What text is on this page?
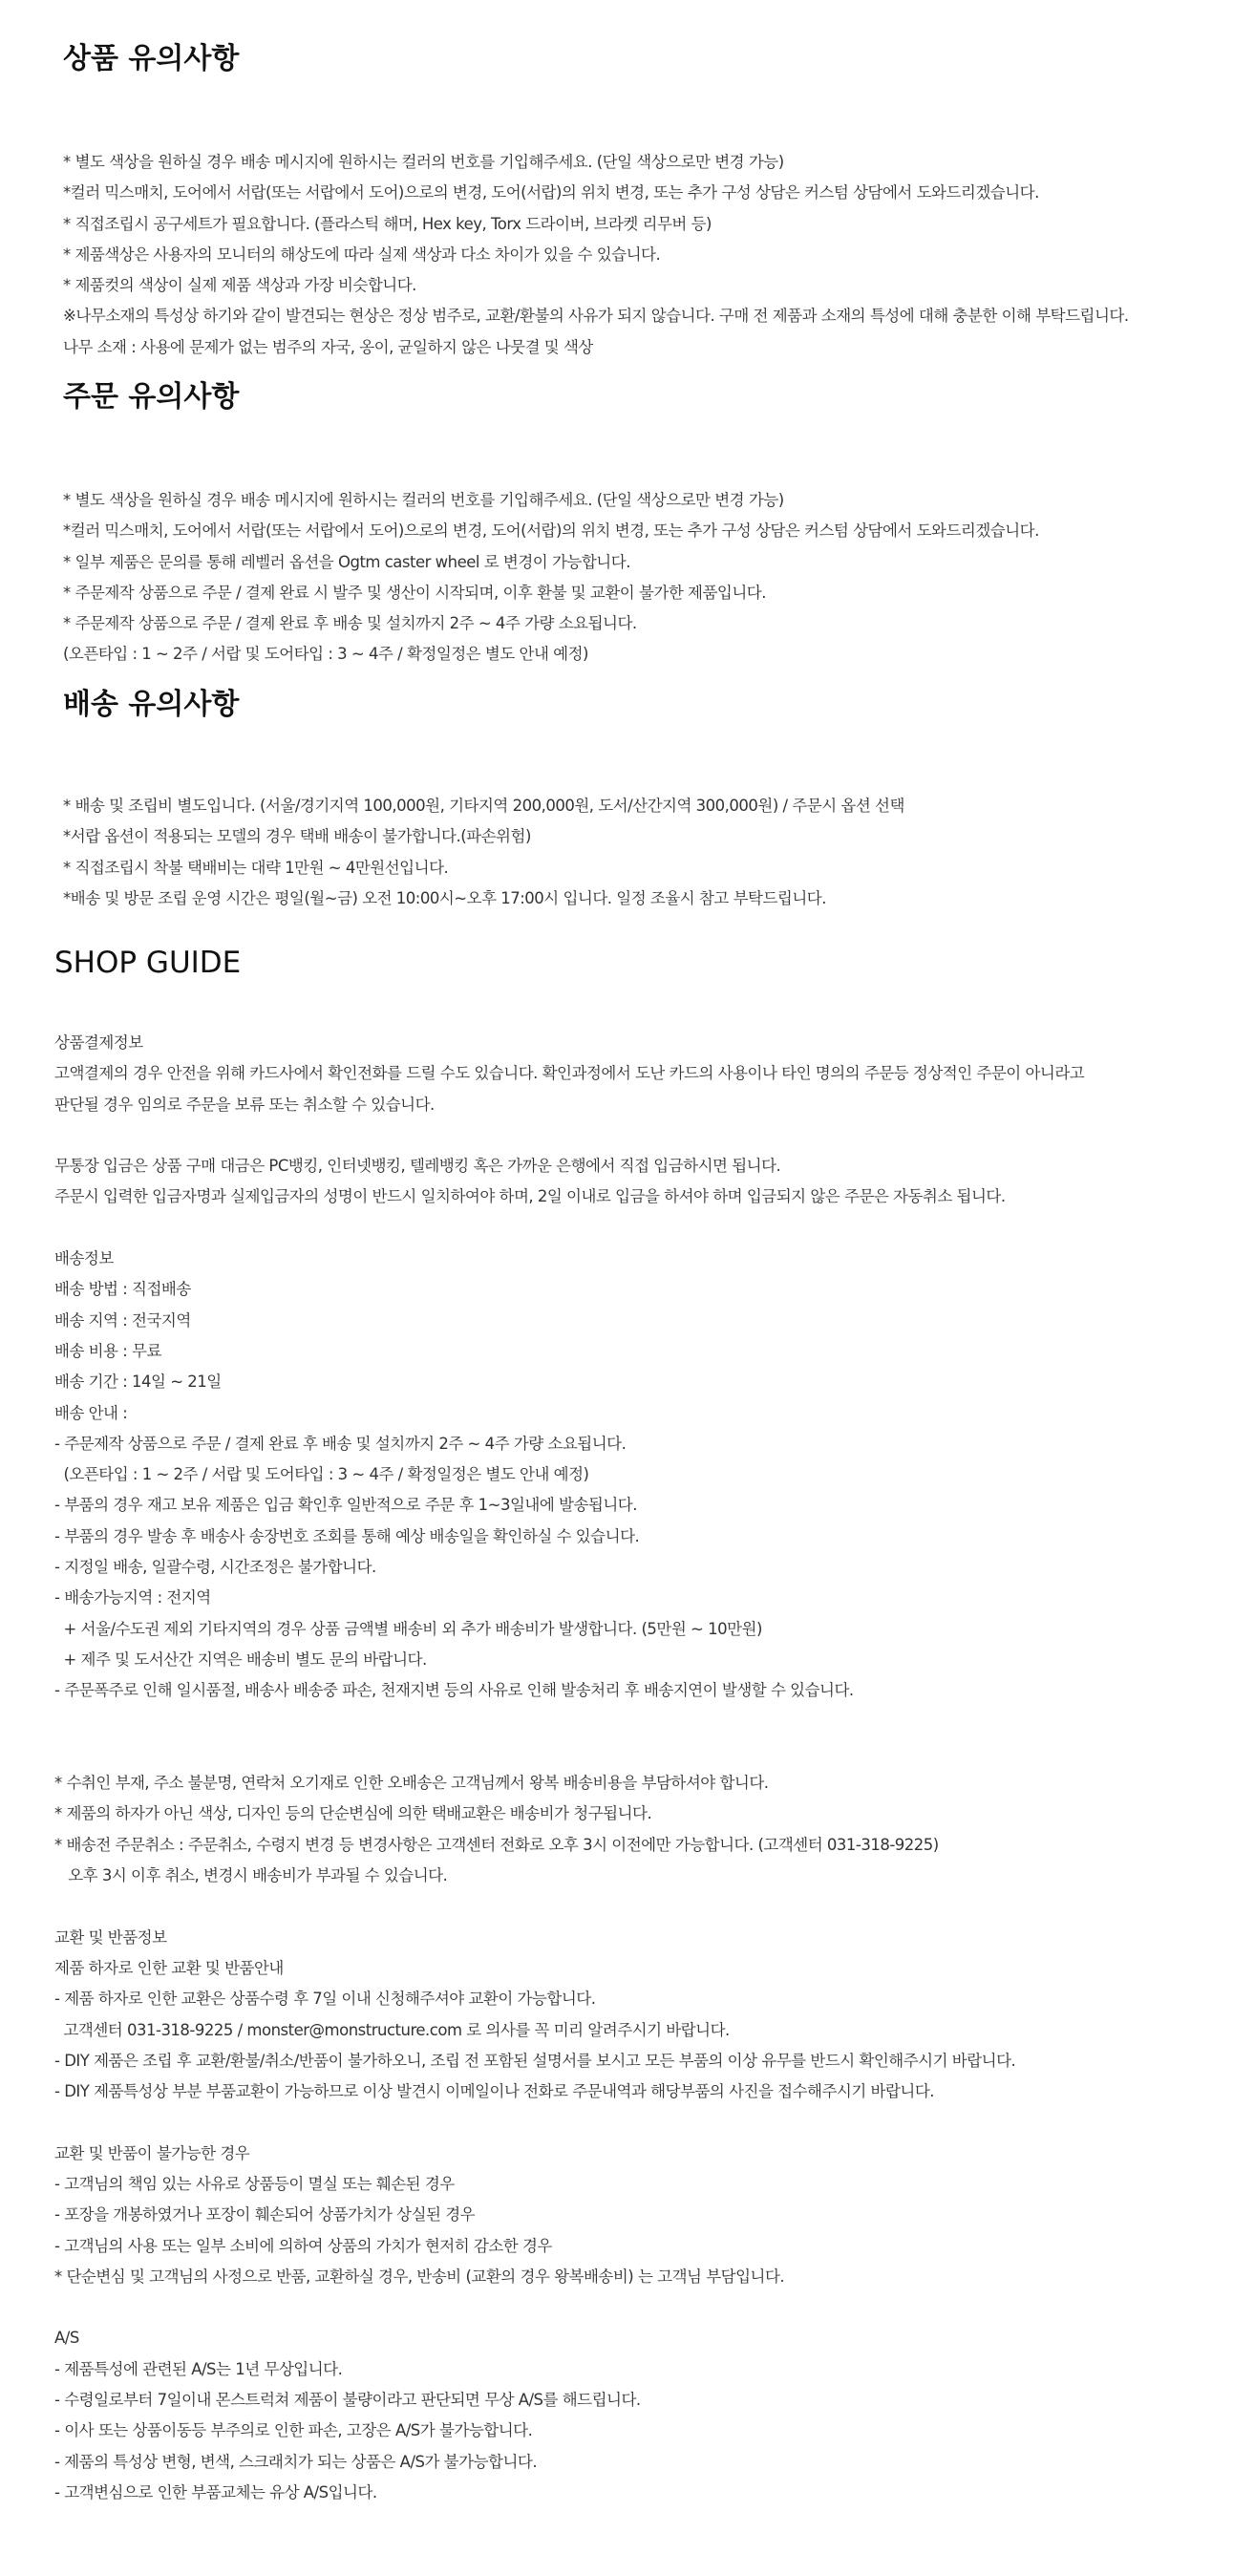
상품 유의사항
* 별도 색상을 원하실 경우 배송 메시지에 원하시는 컬러의 번호를 기입해주세요. (단일 색상으로만 변경 가능)
*컬러 믹스매치, 도어에서 서랍(또는 서랍에서 도어)으로의 변경, 도어(서랍)의 위치 변경, 또는 추가 구성 상담은 커스텀 상담에서 도와드리겠습니다.
* 직접조립시 공구세트가 필요합니다. (플라스틱 해머, Hex key, Torx 드라이버, 브라켓 리무버 등)
* 제품색상은 사용자의 모니터의 해상도에 따라 실제 색상과 다소 차이가 있을 수 있습니다.
* 제품컷의 색상이 실제 제품 색상과 가장 비슷합니다.
※나무소재의 특성상 하기와 같이 발견되는 현상은 정상 범주로, 교환/환불의 사유가 되지 않습니다. 구매 전 제품과 소재의 특성에 대해 충분한 이해 부탁드립니다.
나무 소재 : 사용에 문제가 없는 범주의 자국, 옹이, 균일하지 않은 나뭇결 및 색상
주문 유의사항
* 별도 색상을 원하실 경우 배송 메시지에 원하시는 컬러의 번호를 기입해주세요. (단일 색상으로만 변경 가능)
*컬러 믹스매치, 도어에서 서랍(또는 서랍에서 도어)으로의 변경, 도어(서랍)의 위치 변경, 또는 추가 구성 상담은 커스텀 상담에서 도와드리겠습니다.
* 일부 제품은 문의를 통해 레벨러 옵션을 Ogtm caster wheel 로 변경이 가능합니다.
* 주문제작 상품으로 주문 / 결제 완료 시 발주 및 생산이 시작되며, 이후 환불 및 교환이 불가한 제품입니다.
* 주문제작 상품으로 주문 / 결제 완료 후 배송 및 설치까지 2주 ~ 4주 가량 소요됩니다.
(오픈타입 : 1 ~ 2주 / 서랍 및 도어타입 : 3 ~ 4주 / 확정일정은 별도 안내 예정)
배송 유의사항
* 배송 및 조립비 별도입니다. (서울/경기지역 100,000원, 기타지역 200,000원, 도서/산간지역 300,000원) / 주문시 옵션 선택
*서랍 옵션이 적용되는 모델의 경우 택배 배송이 불가합니다.(파손위험)
* 직접조립시 착불 택배비는 대략 1만원 ~ 4만원선입니다.
*배송 및 방문 조립 운영 시간은 평일(월~금) 오전 10:00시~오후 17:00시 입니다. 일정 조율시 참고 부탁드립니다.
SHOP GUIDE
상품결제정보
고액결제의 경우 안전을 위해 카드사에서 확인전화를 드릴 수도 있습니다. 확인과정에서 도난 카드의 사용이나 타인 명의의 주문등 정상적인 주문이 아니라고
판단될 경우 임의로 주문을 보류 또는 취소할 수 있습니다.
무통장 입금은 상품 구매 대금은 PC뱅킹, 인터넷뱅킹, 텔레뱅킹 혹은 가까운 은행에서 직접 입금하시면 됩니다.
주문시 입력한 입금자명과 실제입금자의 성명이 반드시 일치하여야 하며, 2일 이내로 입금을 하셔야 하며 입금되지 않은 주문은 자동취소 됩니다.
배송정보
배송 방법 : 직접배송
배송 지역 : 전국지역
배송 비용 : 무료
배송 기간 : 14일 ~ 21일
배송 안내 :
- 주문제작 상품으로 주문 / 결제 완료 후 배송 및 설치까지 2주 ~ 4주 가량 소요됩니다.
(오픈타입 : 1 ~ 2주 / 서랍 및 도어타입 : 3 ~ 4주 / 확정일정은 별도 안내 예정)
- 부품의 경우 재고 보유 제품은 입금 확인후 일반적으로 주문 후 1~3일내에 발송됩니다.
- 부품의 경우 발송 후 배송사 송장번호 조회를 통해 예상 배송일을 확인하실 수 있습니다.
- 지정일 배송, 일괄수령, 시간조정은 불가합니다.
- 배송가능지역 : 전지역
+ 서울/수도권 제외 기타지역의 경우 상품 금액별 배송비 외 추가 배송비가 발생합니다. (5만원 ~ 10만원)
+ 제주 및 도서산간 지역은 배송비 별도 문의 바랍니다.
- 주문폭주로 인해 일시품절, 배송사 배송중 파손, 천재지변 등의 사유로 인해 발송처리 후 배송지연이 발생할 수 있습니다.
* 수취인 부재, 주소 불분명, 연락처 오기재로 인한 오배송은 고객님께서 왕복 배송비용을 부담하셔야 합니다.
* 제품의 하자가 아닌 색상, 디자인 등의 단순변심에 의한 택배교환은 배송비가 청구됩니다.
* 배송전 주문취소 : 주문취소, 수령지 변경 등 변경사항은 고객센터 전화로 오후 3시 이전에만 가능합니다. (고객센터 031-318-9225)
오후 3시 이후 취소, 변경시 배송비가 부과될 수 있습니다.
교환 및 반품정보
제품 하자로 인한 교환 및 반품안내
- 제품 하자로 인한 교환은 상품수령 후 7일 이내 신청해주셔야 교환이 가능합니다.
고객센터 031-318-9225 / monster@monstructure.com 로 의사를 꼭 미리 알려주시기 바랍니다.
- DIY 제품은 조립 후 교환/환불/취소/반품이 불가하오니, 조립 전 포함된 설명서를 보시고 모든 부품의 이상 유무를 반드시 확인해주시기 바랍니다.
- DIY 제품특성상 부분 부품교환이 가능하므로 이상 발견시 이메일이나 전화로 주문내역과 해당부품의 사진을 접수해주시기 바랍니다.
교환 및 반품이 불가능한 경우
- 고객님의 책임 있는 사유로 상품등이 멸실 또는 훼손된 경우
- 포장을 개봉하였거나 포장이 훼손되어 상품가치가 상실된 경우
- 고객님의 사용 또는 일부 소비에 의하여 상품의 가치가 현저히 감소한 경우
* 단순변심 및 고객님의 사정으로 반품, 교환하실 경우, 반송비 (교환의 경우 왕복배송비) 는 고객님 부담입니다.
A/S
- 제품특성에 관련된 A/S는 1년 무상입니다.
- 수령일로부터 7일이내 몬스트럭쳐 제품이 불량이라고 판단되면 무상 A/S를 해드립니다.
- 이사 또는 상품이동등 부주의로 인한 파손, 고장은 A/S가 불가능합니다.
- 제품의 특성상 변형, 변색, 스크래치가 되는 상품은 A/S가 불가능합니다.
- 고객변심으로 인한 부품교체는 유상 A/S입니다.
